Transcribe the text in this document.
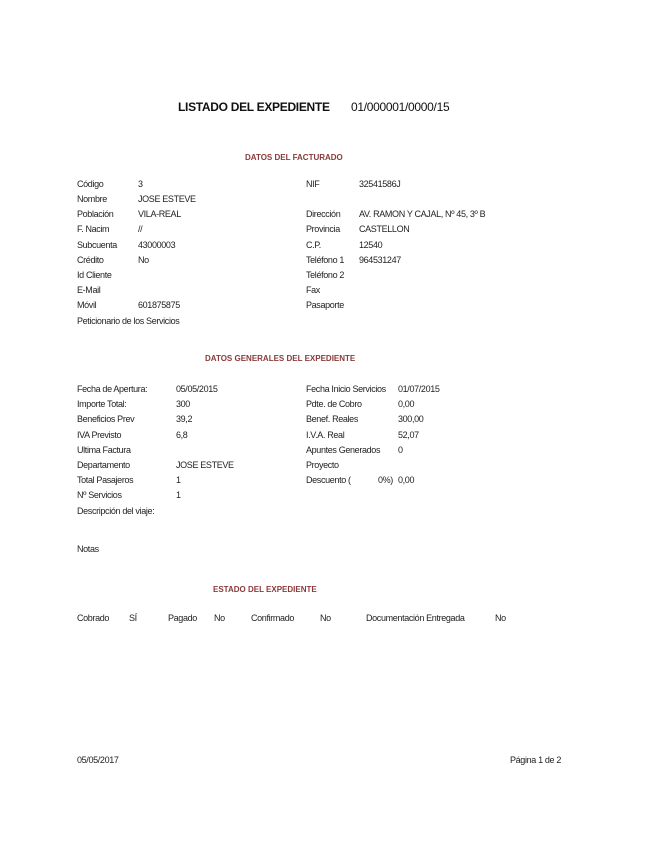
LISTADO DEL EXPEDIENTE 01/000001/0000/15
DATOS DEL FACTURADO
Código	3
Nombre	JOSE ESTEVE
Población	VILA-REAL
F. Nacim	//
Subcuenta 43000003
Crédito	No
Id Cliente
E-Mail
Móvil	601875875
Peticionario de los Servicios
NIF	32541586J
Dirección AV. RAMON Y CAJAL, Nº 45, 3º B
Provincia CASTELLON
C.P.	12540
Teléfono 1 964531247
Teléfono 2
Fax
Pasaporte
DATOS GENERALES DEL EXPEDIENTE
Fecha de Apertura:	05/05/2015
Importe Total:	300
Beneficios Prev	39,2
IVA Previsto	6,8
Ultima Factura
Departamento	JOSE ESTEVE
Total Pasajeros	1
Nº Servicios	1
Descripción del viaje:
Notas
Fecha Inicio Servicios 01/07/2015
Pdte. de Cobro	0,00
Benef. Reales	300,00
I.V.A. Real	52,07
Apuntes Generados 0
Proyecto
Descuento (	0%) 0,00
ESTADO DEL EXPEDIENTE
Cobrado SÍ	Pagado No	Confirmado	No	Documentación Entregada	No
05/05/2017	Página 1 de 2
